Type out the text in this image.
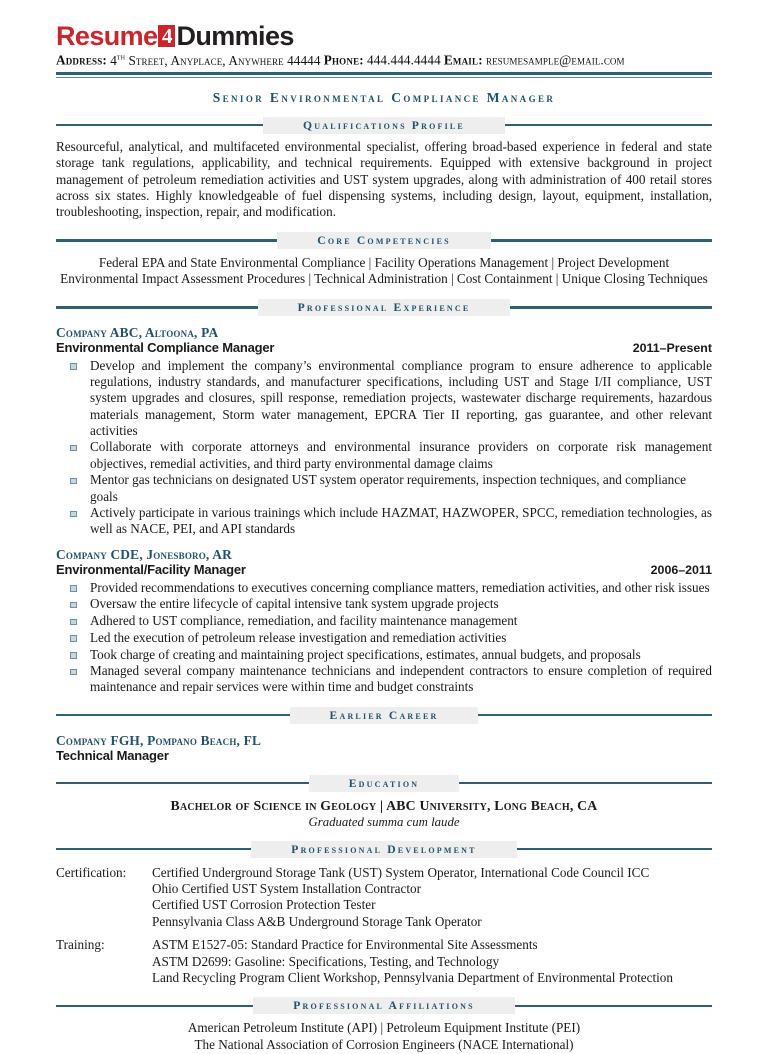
Resume 4 Dummies
Address: 4th Street, Anyplace, Anywhere 44444 Phone: 444.444.4444 Email: resumesample@email.com
Senior Environmental Compliance Manager
Qualifications Profile

Resourceful, analytical, and multifaceted environmental specialist, offering broad-based experience in federal and state storage tank regulations, applicability, and technical requirements. Equipped with extensive background in project management of petroleum remediation activities and UST system upgrades, along with administration of 400 retail stores across six states. Highly knowledgeable of fuel dispensing systems, including design, layout, equipment, installation, troubleshooting, inspection, repair, and modification.

Core Competencies
Federal EPA and State Environmental Compliance | Facility Operations Management | Project Development
Environmental Impact Assessment Procedures | Technical Administration | Cost Containment | Unique Closing Techniques
Professional Experience
Company ABC, Altoona, PA
Environmental Compliance Manager	2011–Present
Develop and implement the company’s environmental compliance program to ensure adherence to applicable regulations, industry standards, and manufacturer specifications, including UST and Stage I/II compliance, UST system upgrades and closures, spill response, remediation projects, wastewater discharge requirements, hazardous materials management, Storm water management, EPCRA Tier II reporting, gas guarantee, and other relevant activities
Collaborate with corporate attorneys and environmental insurance providers on corporate risk management objectives, remedial activities, and third party environmental damage claims
Mentor gas technicians on designated UST system operator requirements, inspection techniques, and compliance goals
Actively participate in various trainings which include HAZMAT, HAZWOPER, SPCC, remediation technologies, as well as NACE, PEI, and API standards
Company CDE, Jonesboro, AR
Environmental/Facility Manager	2006–2011
Provided recommendations to executives concerning compliance matters, remediation activities, and other risk issues
Oversaw the entire lifecycle of capital intensive tank system upgrade projects
Adhered to UST compliance, remediation, and facility maintenance management
Led the execution of petroleum release investigation and remediation activities
Took charge of creating and maintaining project specifications, estimates, annual budgets, and proposals
Managed several company maintenance technicians and independent contractors to ensure completion of required maintenance and repair services were within time and budget constraints
Earlier Career
Company FGH, Pompano Beach, FL
Technical Manager
Education
Bachelor of Science in Geology | ABC University, Long Beach, CA
Graduated summa cum laude
Professional Development
Certification:	Certified Underground Storage Tank (UST) System Operator, International Code Council ICC
Ohio Certified UST System Installation Contractor
Certified UST Corrosion Protection Tester
Pennsylvania Class A&B Underground Storage Tank Operator
Training:	ASTM E1527-05: Standard Practice for Environmental Site Assessments
ASTM D2699: Gasoline: Specifications, Testing, and Technology
Land Recycling Program Client Workshop, Pennsylvania Department of Environmental Protection
Professional Affiliations
American Petroleum Institute (API) | Petroleum Equipment Institute (PEI)
The National Association of Corrosion Engineers (NACE International)
